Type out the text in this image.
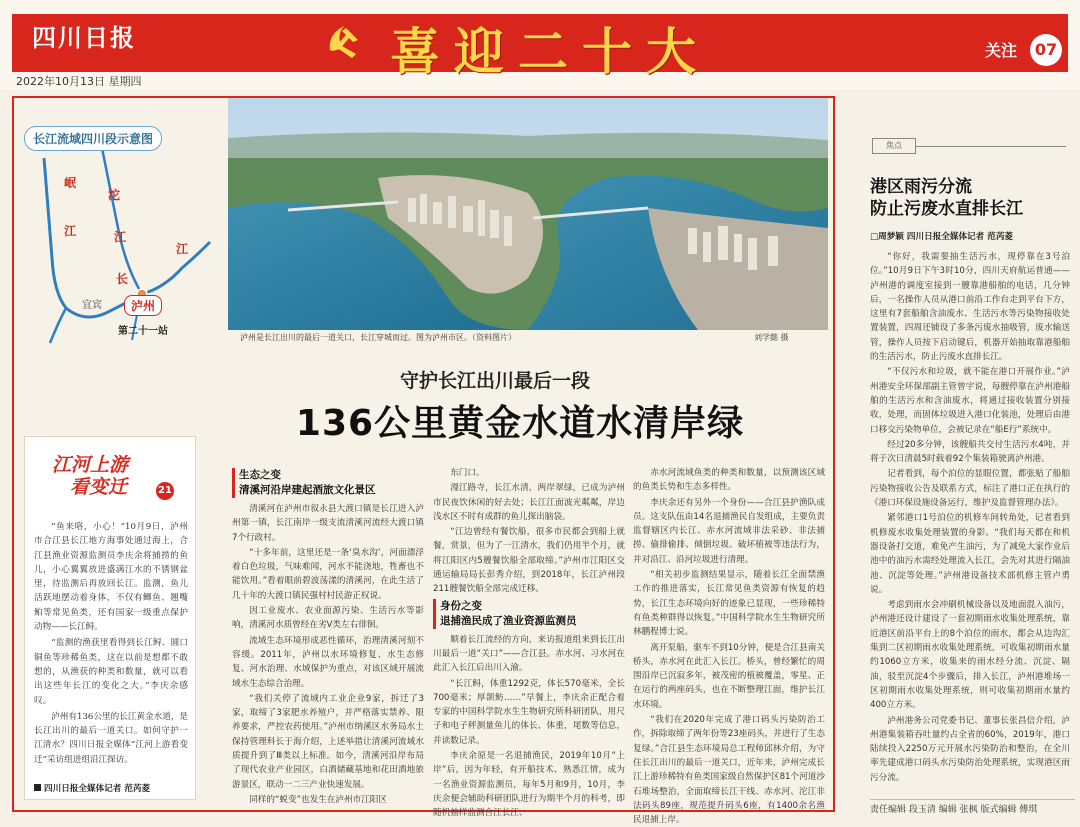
四川日报
2022年10月13日 星期四
喜迎二十大	关注	07
长江流域四川段示意图
岷
江
沱
江
长
江
宜宾	泸州
第二十一站
泸州是长江出川的最后一道关口，长江穿城而过。图为泸州市区。（资料图片）	刘学懿 摄
守护长江出川最后一段
136公里黄金水道水清岸绿
江河上游
看变迁	21

“鱼来咯，小心！”10月9日，泸州市合江县长江地方海事处通过海上，合江县渔业资源监测员李庆余将捕捞的鱼儿，小心翼翼放进盛满江水的不锈钢盆里，待监测后再放回长江。监测，鱼儿活跃地摆动着身体，不仅有鲫鱼、翘嘴鲌等常见鱼类，还有国家一级重点保护动物——长江鲟。

“监测的渔获里看得到长江鲟、圆口铜鱼等珍稀鱼类，这在以前是想都不敢想的，从渔获的种类和数量，就可以看出这些年长江的变化之大。”李庆余感叹。

泸州有136公里的长江黄金水道，是长江出川的最后一道关口。如何守护一江清水？四川日报全媒体“江河上游看变迁”采访组进组沿江探访。

四川日报全媒体记者 范芮菱
生态之变
清溪河沿岸建起酒旅文化景区

清溪河在泸州市叙永县大渡口镇是长江进入泸州第一镇，长江南岸一级支流清溪河流经大渡口镇7个行政村。

“十多年前，这里还是一条‘臭水沟’，河面漂浮着白色垃圾，气味难闻，河水不能浇地，牲畜也不能饮用。”看着眼前碧波荡漾的清溪河，在此生活了几十年的大渡口镇民强村村民游正权说。

因工业废水、农业面源污染、生活污水等影响，清溪河水质曾经在劣V类左右徘徊。

流域生态环境形成恶性循环，治理清溪河刻不容缓。2011年，泸州以水环境修复、水生态修复、河水治理、水域保护为重点，对该区域开展流域水生态综合治理。

“我们关停了流域内工业企业9家，拆迁了3家，取缔了3家肥水养殖户，并严格落实禁养、限养要求，严控农药使用。”泸州市纳溪区水务局水土保持管理科长于海介绍，上述举措让清溪河流域水质提升到了Ⅲ类以上标准。如今，清溪河沿岸布局了现代农业产业园区，白酒储藏基地和花田酒地旅游景区，联动一二三产业快速发展。

同样的“蜕变”也发生在泸州市江阳区

东门口。

漫江路寺，长江水清，两岸翠绿，已成为泸州市民夜饮休闲的好去处；长江江面波光粼粼，岸边浅水区不时有成群的鱼儿探出脑袋。

“江边曾经有餐饮船，很多市民都会到船上就餐，赏景，但为了一江清水，我们仍用半个月，就将江阳区内5艘餐饮船全部取缔。”泸州市江阳区交通运输局局长彭秀介绍，到2018年，长江泸州段211艘餐饮船全部完成迁移。

身份之变
退捕渔民成了渔业资源监测员

顺着长江流经的方向，来访报道组来到长江出川最后一道“关口”——合江县。赤水河、习水河在此汇入长江后出川入渝。

“长江鲟，体重1292克，体长570毫米，全长700毫米；厚颌鲂……”早餐上，李庆余正配合着专家的中国科学院水生生物研究所科研团队，用尺子和电子秤测量鱼儿的体长、体重，尾数等信息，并读数记录。

李庆余原是一名退捕渔民，2019年10月“上岸”后，因为年轻，有开船技术、熟悉江情，成为一名渔业资源监测员，每年5月和9月，10月，李庆余便会辅助科研团队进行为期半个月的科考，即随机抽样监测合江长江、

赤水河流域鱼类的种类和数量，以预测该区域的鱼类长势和生态多样性。

李庆余还有另外一个身份——合江县护渔队成员。这支队伍由14名退捕渔民自发组成，主要负责监督辖区内长江、赤水河流域非法采砂、非法捕捞、偷排偷排、倾倒垃圾、破坏植被等违法行为，并对沿江、沿河垃圾进行清理。

“相关初步监测结果显示，随着长江全面禁渔工作的推进落实，长江常见鱼类资源有恢复的趋势，长江生态环境向好的迹象已显现，一些珍稀特有鱼类种群得以恢复。”中国科学院水生生物研究所林鹏程博士说。

离开泵船，驱车不到10分钟，便是合江县南关桥头，赤水河在此汇入长江。桥头，曾经繁忙的周围沿岸已沉寂多年，被茂密的植被覆盖，零星、正在运行的两座码头，也在不断整理江面，维护长江水环境。

“我们在2020年完成了港口码头污染防治工作，拆除取缔了两年份等23座码头，并进行了生态复绿。”合江县生态环境局总工程师邱林介绍，为守住长江出川的最后一道关口，近年来，泸州完成长江上游珍稀特有鱼类国家级自然保护区81个河道沙石堆场整治，全面取缔长江干线、赤水河、沱江非法码头89座，规范提升码头6座，有1400余名渔民退捕上岸。

焦点
港区雨污分流
防止污废水直排长江
□周梦颖 四川日报全媒体记者 范芮菱

“你好，我需要抽生活污水，现停靠在3号泊位。”10月9日下午3时10分，四川天府航运普通——泸州港的调度室接到一艘靠港船舶的电话，几分钟后，一名操作人员从港口前沿工作台走到平台下方，这里有7套船舶含油废水、生活污水等污染物接收处置装置，四周还铺设了多条污废水抽吸管，废水输送管，操作人员按下启动键后，机器开始抽取靠港船舶的生活污水，防止污废水直排长江。

“不仅污水和垃圾，就不能在港口开展作业。”泸州港安全环保部副主管曾宇说，每艘停靠在泸州港船舶的生活污水和含油废水，将通过接收装置分别接收，处理，而固体垃圾进入港口化装池，处理后由港口移交污染物单位，会被记录在“船E行”系统中。

经过20多分钟，该艘船共交付生活污水4吨，并将于次日清晨5时载着92个集装箱驶离泸州港。

记者看到，每个泊位的显眼位置，都张贴了船舶污染物接收公告及联系方式，标注了港口正在执行的《港口环保设施设备运行，维护及监督管理办法》。

紧邻港口1号泊位的机修车间转角处，记者看到机修废水收集处理装置的身影。“我们每天都在和机器设备打交道，难免产生油污，为了减免大家作业后池中的油污水需经处理流入长江，会先对其进行隔油池、沉淀等处理。”泸州港设备技术部机修主管卢勇说。

考虑到雨水会冲刷机械设备以及地面混入油污，泸州港还设计建设了一套初期雨水收集处理系统，靠近港区前沿平台上的8个泊位的雨水，都会从边沟汇集到二区初期雨水收集处理系统，可收集初期雨水量约1060立方米，收集来的雨水经分流、沉淀、隔油，驳至沉淀4个步骤后，排入长江，泸州港堆场一区初期雨水收集处理系统，则可收集初期雨水量约400立方米。

泸州港务公司党委书记、董事长张昌信介绍，泸州港集装箱吞吐量约占全省的60%，2019年，港口陆续投入2250万元开展水污染防治和整治，在全川率先建成港口码头水污染防治处理系统，实现港区雨污分流。

责任编辑 段玉清 编辑 张枫 版式编辑 傅琪
